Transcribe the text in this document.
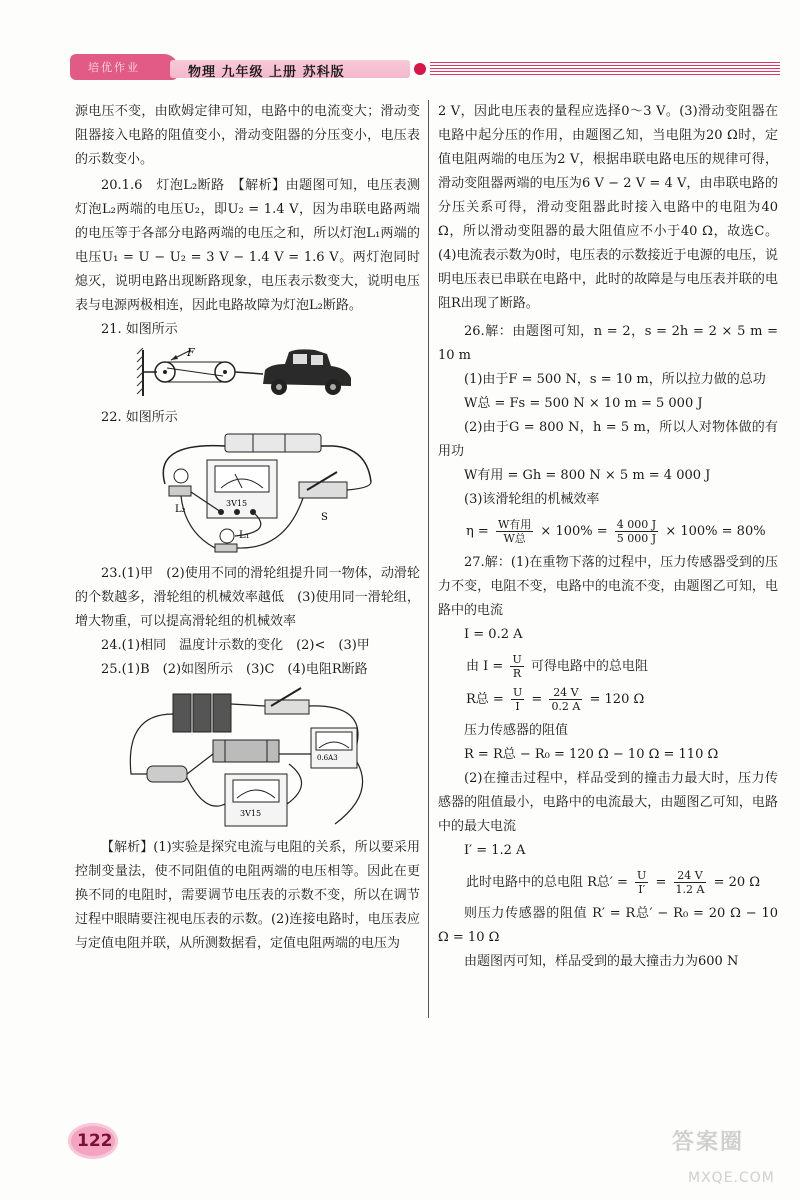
培优作业	物理 九年级 上册 苏科版

源电压不变，由欧姆定律可知，电路中的电流变大；滑动变阻器接入电路的阻值变小，滑动变阻器的分压变小，电压表的示数变小。

20.1.6　灯泡L₂断路　【解析】由题图可知，电压表测灯泡L₂两端的电压U₂，即U₂ = 1.4 V，因为串联电路两端的电压等于各部分电路两端的电压之和，所以灯泡L₁两端的电压U₁ = U − U₂ = 3 V − 1.4 V = 1.6 V。两灯泡同时熄灭，说明电路出现断路现象，电压表示数变大，说明电压表与电源两极相连，因此电路故障为灯泡L₂断路。

21. 如图所示

F

22. 如图所示

L₂
3V15
L₁
S

23.(1)甲　(2)使用不同的滑轮组提升同一物体，动滑轮的个数越多，滑轮组的机械效率越低　(3)使用同一滑轮组，增大物重，可以提高滑轮组的机械效率

24.(1)相同　温度计示数的变化　(2)<　(3)甲

25.(1)B　(2)如图所示　(3)C　(4)电阻R断路

0.6A3
3V15

【解析】(1)实验是探究电流与电阻的关系，所以要采用控制变量法，使不同阻值的电阻两端的电压相等。因此在更换不同的电阻时，需要调节电压表的示数不变，所以在调节过程中眼睛要注视电压表的示数。(2)连接电路时，电压表应与定值电阻并联，从所测数据看，定值电阻两端的电压为

2 V，因此电压表的量程应选择0～3 V。(3)滑动变阻器在电路中起分压的作用，由题图乙知，当电阻为20 Ω时，定值电阻两端的电压为2 V，根据串联电路电压的规律可得，滑动变阻器两端的电压为6 V − 2 V = 4 V，由串联电路的分压关系可得，滑动变阻器此时接入电路中的电阻为40 Ω，所以滑动变阻器的最大阻值应不小于40 Ω，故选C。(4)电流表示数为0时，电压表的示数接近于电源的电压，说明电压表已串联在电路中，此时的故障是与电压表并联的电阻R出现了断路。

26.解：由题图可知，n = 2，s = 2h = 2 × 5 m = 10 m

(1)由于F = 500 N，s = 10 m，所以拉力做的总功

W总 = Fs = 500 N × 10 m = 5 000 J

(2)由于G = 800 N，h = 5 m，所以人对物体做的有用功

W有用 = Gh = 800 N × 5 m = 4 000 J

(3)该滑轮组的机械效率

$\eta = \frac{\text{W有用}}{\text{W总}} \times 100\% = \frac{4 000 J}{5 000 J} \times 100\% = 80\%$

27.解：(1)在重物下落的过程中，压力传感器受到的压力不变，电阻不变，电路中的电流不变，由题图乙可知，电路中的电流

I = 0.2 A

由 $I = \frac{U}{R}$ 可得电路中的总电阻
R总 = $\frac{U}{I} = \frac{24 V}{0.2 A} = 120$ Ω

压力传感器的阻值

R = R总 − R₀ = 120 Ω − 10 Ω = 110 Ω

(2)在撞击过程中，样品受到的撞击力最大时，压力传感器的阻值最小，电路中的电流最大，由题图乙可知，电路中的最大电流

I′ = 1.2 A

此时电路中的总电阻 R总′ = $\frac{U}{I'} = \frac{24 V}{1.2 A} = 20$ Ω

则压力传感器的阻值 R′ = R总′ − R₀ = 20 Ω − 10 Ω = 10 Ω

由题图丙可知，样品受到的最大撞击力为600 N

122	答案圈
MXQE.COM
